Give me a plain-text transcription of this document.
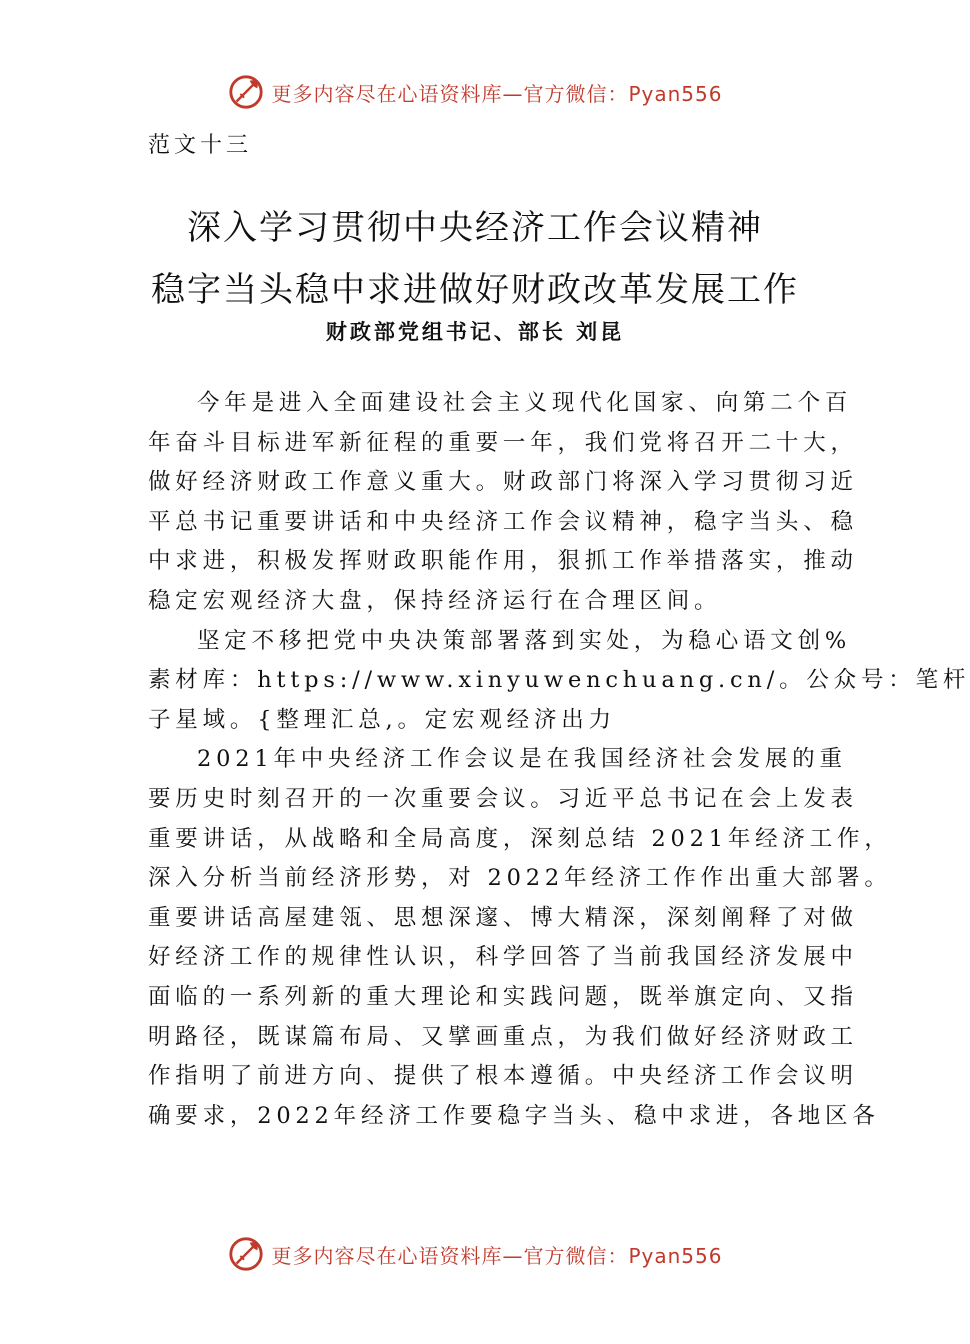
更多内容尽在心语资料库—官方微信：Pyan556
范文十三
深入学习贯彻中央经济工作会议精神
稳字当头稳中求进做好财政改革发展工作
财政部党组书记、部长 刘昆
今年是进入全面建设社会主义现代化国家、向第二个百
年奋斗目标进军新征程的重要一年，我们党将召开二十大，
做好经济财政工作意义重大。财政部门将深入学习贯彻习近
平总书记重要讲话和中央经济工作会议精神，稳字当头、稳
中求进，积极发挥财政职能作用，狠抓工作举措落实，推动
稳定宏观经济大盘，保持经济运行在合理区间。
坚定不移把党中央决策部署落到实处，为稳心语文创%
素材库：https://www.xinyuwenchuang.cn/。公众号：笔杆
子星域。{整理汇总,。定宏观经济出力
2021年中央经济工作会议是在我国经济社会发展的重
要历史时刻召开的一次重要会议。习近平总书记在会上发表
重要讲话，从战略和全局高度，深刻总结 2021年经济工作，
深入分析当前经济形势，对 2022年经济工作作出重大部署。
重要讲话高屋建瓴、思想深邃、博大精深，深刻阐释了对做
好经济工作的规律性认识，科学回答了当前我国经济发展中
面临的一系列新的重大理论和实践问题，既举旗定向、又指
明路径，既谋篇布局、又擘画重点，为我们做好经济财政工
作指明了前进方向、提供了根本遵循。中央经济工作会议明
确要求，2022年经济工作要稳字当头、稳中求进，各地区各
更多内容尽在心语资料库—官方微信：Pyan556
